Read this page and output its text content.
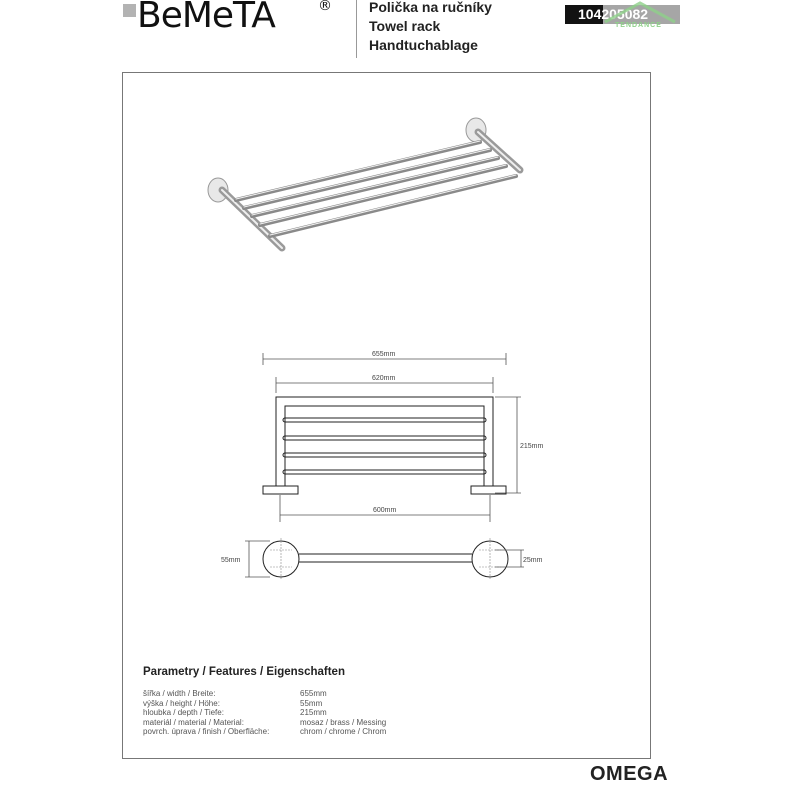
BeMeTA	®	Polička na ručníky
Towel rack
Handtuchablage
104205082
TENDANCE
655mm
620mm
600mm
215mm
55mm	25mm
Parametry / Features / Eigenschaften
šířka / width / Breite:	655mm
výška / height / Höhe:	55mm
hloubka / depth / Tiefe:	215mm
materiál / material / Material:	mosaz / brass / Messing
povrch. úprava / finish / Oberfläche:	chrom / chrome / Chrom
OMEGA
